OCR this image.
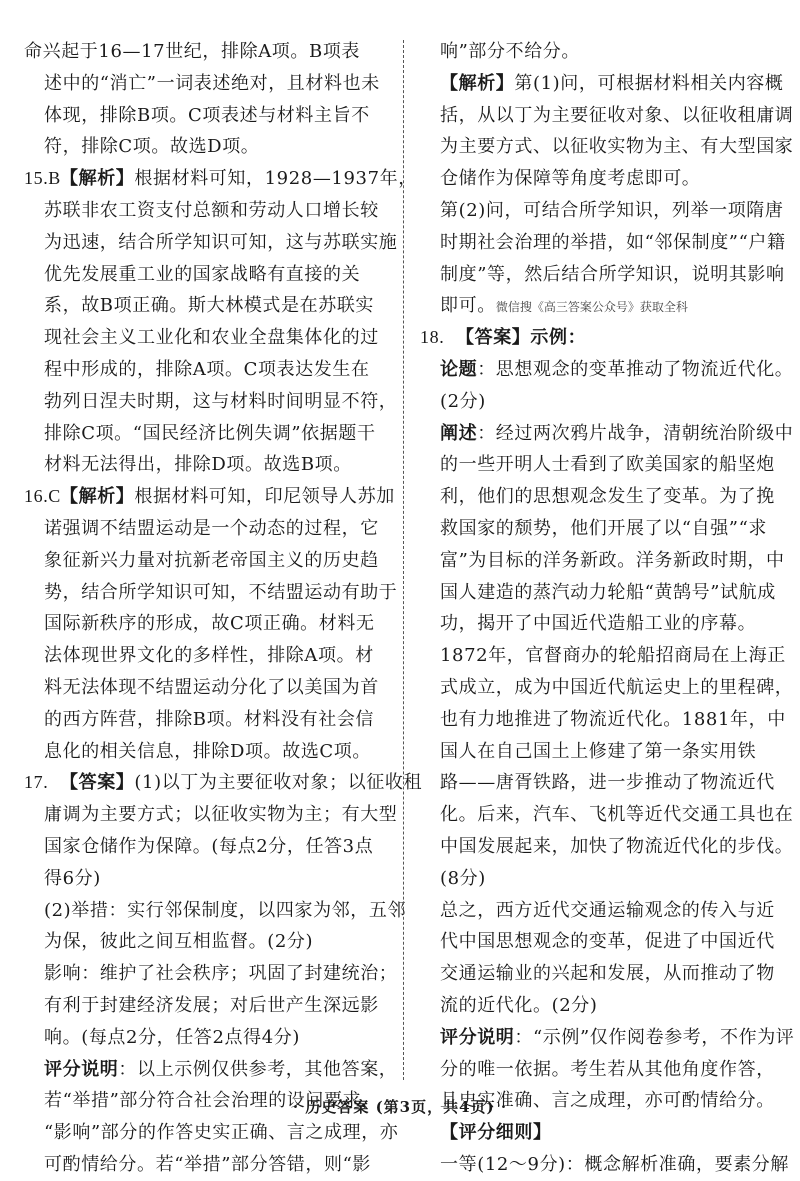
命兴起于16—17世纪，排除A项。B项表
述中的“消亡”一词表述绝对，且材料也未
体现，排除B项。C项表述与材料主旨不
符，排除C项。故选D项。
15.B【解析】根据材料可知，1928—1937年，
苏联非农工资支付总额和劳动人口增长较
为迅速，结合所学知识可知，这与苏联实施
优先发展重工业的国家战略有直接的关
系，故B项正确。斯大林模式是在苏联实
现社会主义工业化和农业全盘集体化的过
程中形成的，排除A项。C项表达发生在
勃列日涅夫时期，这与材料时间明显不符，
排除C项。“国民经济比例失调”依据题干
材料无法得出，排除D项。故选B项。
16.C【解析】根据材料可知，印尼领导人苏加
诺强调不结盟运动是一个动态的过程，它
象征新兴力量对抗新老帝国主义的历史趋
势，结合所学知识可知，不结盟运动有助于
国际新秩序的形成，故C项正确。材料无
法体现世界文化的多样性，排除A项。材
料无法体现不结盟运动分化了以美国为首
的西方阵营，排除B项。材料没有社会信
息化的相关信息，排除D项。故选C项。
17. 【答案】(1)以丁为主要征收对象；以征收租
庸调为主要方式；以征收实物为主；有大型
国家仓储作为保障。(每点2分，任答3点
得6分)
(2)举措：实行邻保制度，以四家为邻，五邻
为保，彼此之间互相监督。(2分)
影响：维护了社会秩序；巩固了封建统治；
有利于封建经济发展；对后世产生深远影
响。(每点2分，任答2点得4分)
评分说明：以上示例仅供参考，其他答案，
若“举措”部分符合社会治理的设问要求，
“影响”部分的作答史实正确、言之成理，亦
可酌情给分。若“举措”部分答错，则“影
响”部分不给分。
【解析】第(1)问，可根据材料相关内容概
括，从以丁为主要征收对象、以征收租庸调
为主要方式、以征收实物为主、有大型国家
仓储作为保障等角度考虑即可。
第(2)问，可结合所学知识，列举一项隋唐
时期社会治理的举措，如“邻保制度”“户籍
制度”等，然后结合所学知识，说明其影响
即可。微信搜《高三答案公众号》获取全科
18. 【答案】示例：
论题：思想观念的变革推动了物流近代化。
(2分)
阐述：经过两次鸦片战争，清朝统治阶级中
的一些开明人士看到了欧美国家的船坚炮
利，他们的思想观念发生了变革。为了挽
救国家的颓势，他们开展了以“自强”“求
富”为目标的洋务新政。洋务新政时期，中
国人建造的蒸汽动力轮船“黄鹄号”试航成
功，揭开了中国近代造船工业的序幕。
1872年，官督商办的轮船招商局在上海正
式成立，成为中国近代航运史上的里程碑，
也有力地推进了物流近代化。1881年，中
国人在自己国土上修建了第一条实用铁
路——唐胥铁路，进一步推动了物流近代
化。后来，汽车、飞机等近代交通工具也在
中国发展起来，加快了物流近代化的步伐。
(8分)
总之，西方近代交通运输观念的传入与近
代中国思想观念的变革，促进了中国近代
交通运输业的兴起和发展，从而推动了物
流的近代化。(2分)
评分说明：“示例”仅作阅卷参考，不作为评
分的唯一依据。考生若从其他角度作答，
且史实准确、言之成理，亦可酌情给分。
【评分细则】
一等(12～9分)：概念解析准确，要素分解
· 历史答案 (第3页，共4页) ·
